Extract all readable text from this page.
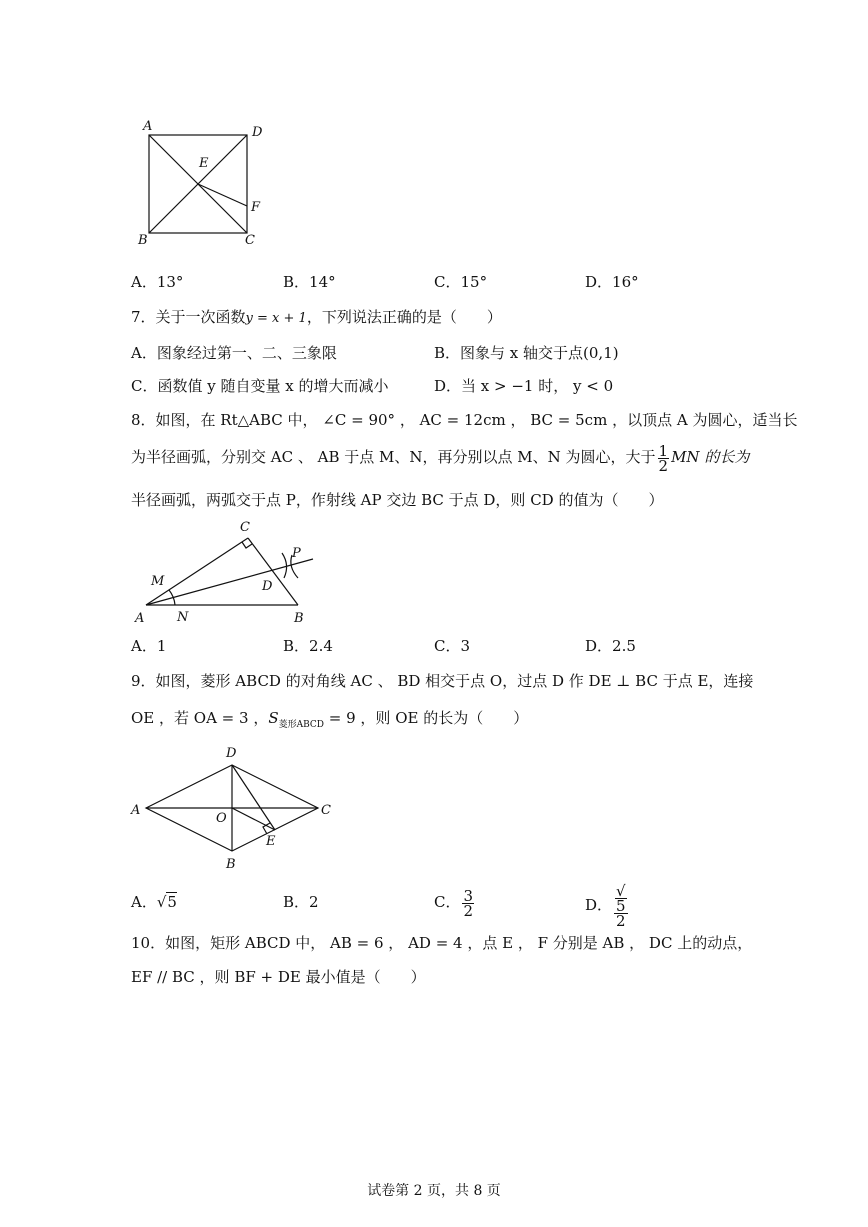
A	D
E
F
B	C
A．13°	B．14°	C．15°	D．16°
7．关于一次函数y = x + 1，下列说法正确的是（　　）
A．图象经过第一、二、三象限	B．图象与 x 轴交于点(0,1)
C．函数值 y 随自变量 x 的增大而减小	D．当 x > −1 时， y < 0
8．如图，在 Rt△ABC 中， ∠C = 90° ， AC = 12cm ， BC = 5cm ，以顶点 A 为圆心，适当长
为半径画弧，分别交 AC 、 AB 于点 M、N，再分别以点 M、N 为圆心，大于 $\frac{1}{2}$ MN 的长为
半径画弧，两弧交于点 P，作射线 AP 交边 BC 于点 D，则 CD 的值为（　　）
C
P
M	D
A	N	B
A．1	B．2.4	C．3	D．2.5
9．如图，菱形 ABCD 的对角线 AC 、 BD 相交于点 O，过点 D 作 DE ⊥ BC 于点 E，连接
OE ，若 OA = 3 ，$S_{菱形ABCD} = 9$ ，则 OE 的长为（　　）
D
A	C
O
E
B
A．√5	B．2	C． $\frac{3}{2}$	D． √
5
2
10．如图，矩形 ABCD 中， AB = 6 ， AD = 4 ，点 E ， F 分别是 AB ， DC 上的动点，
EF // BC ，则 BF + DE 最小值是（　　）
试卷第 2 页，共 8 页
